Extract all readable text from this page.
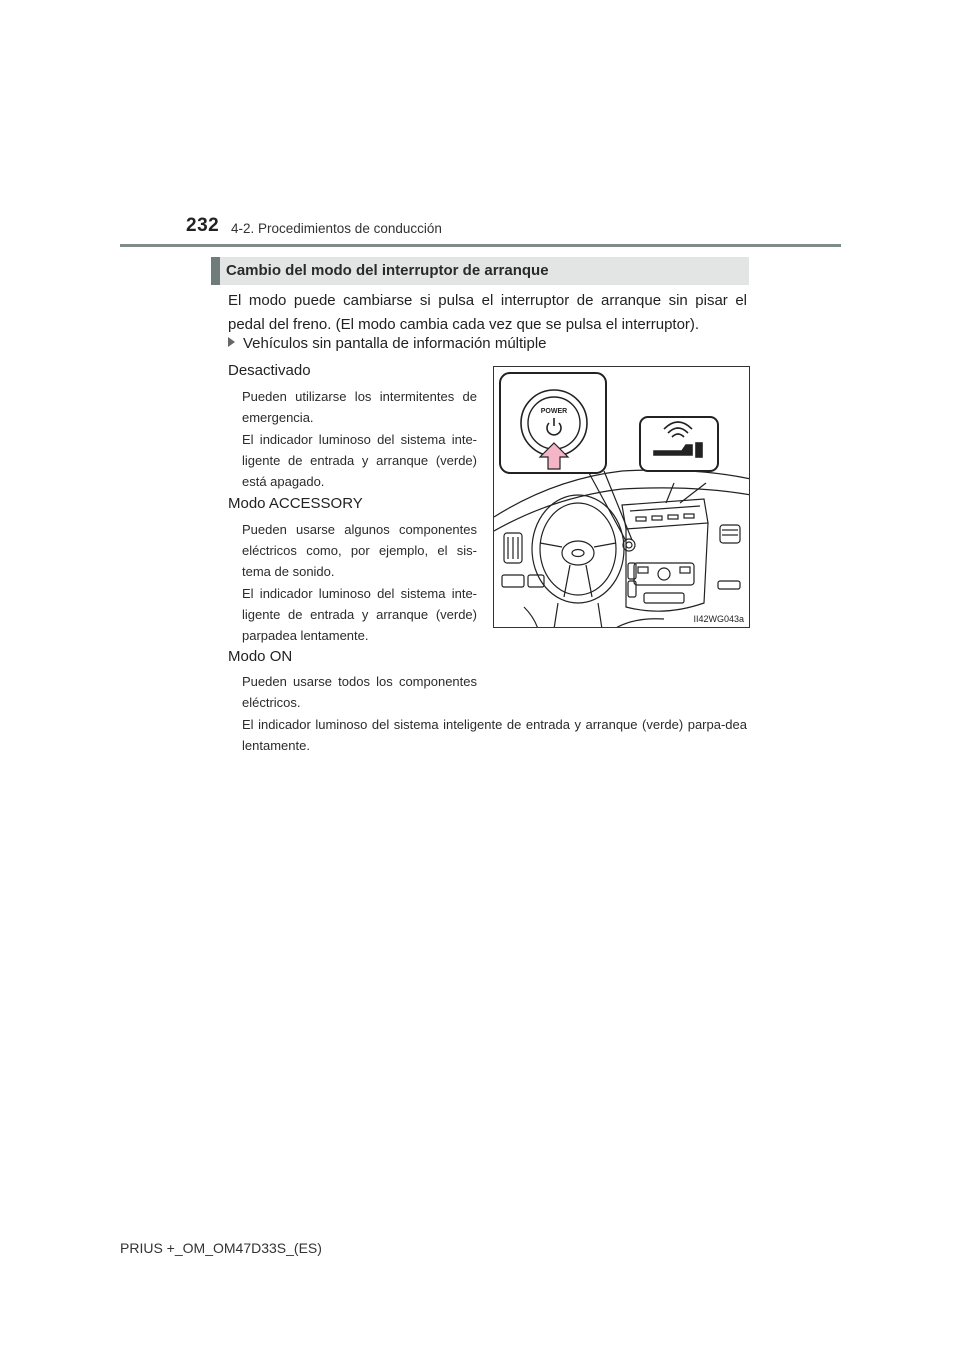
232 4-2. Procedimientos de conducción
Cambio del modo del interruptor de arranque
El modo puede cambiarse si pulsa el interruptor de arranque sin pisar el pedal del freno. (El modo cambia cada vez que se pulsa el interruptor).
Vehículos sin pantalla de información múltiple
Desactivado
Pueden utilizarse los intermitentes de emergencia.
El indicador luminoso del sistema inte-ligente de entrada y arranque (verde) está apagado.
Modo ACCESSORY
Pueden usarse algunos componentes eléctricos como, por ejemplo, el sis-tema de sonido.
El indicador luminoso del sistema inte-ligente de entrada y arranque (verde) parpadea lentamente.
Modo ON
Pueden usarse todos los componentes eléctricos.
El indicador luminoso del sistema inteligente de entrada y arranque (verde) parpa-dea lentamente.
POWER
II42WG043a
PRIUS +_OM_OM47D33S_(ES)
